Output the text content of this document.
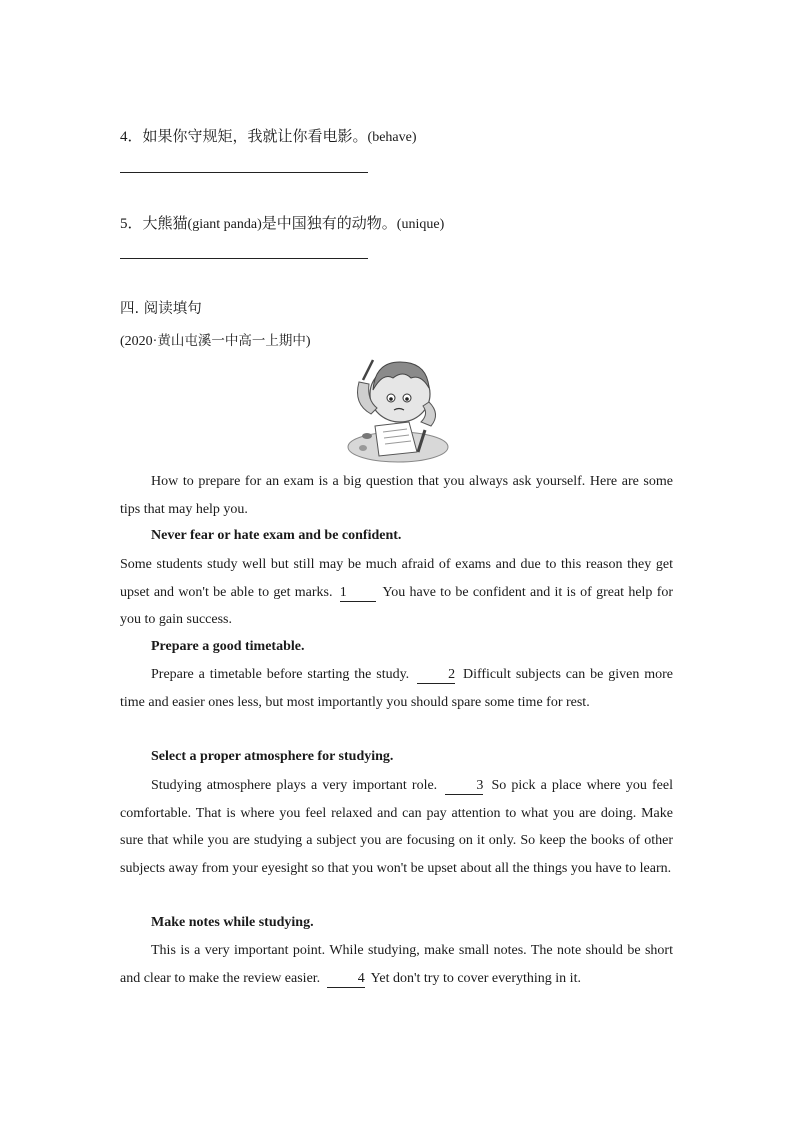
4．如果你守规矩，我就让你看电影。(behave)
5．大熊猫(giant panda)是中国独有的动物。(unique)
四. 阅读填句
(2020·黄山屯溪一中高一上期中)
How to prepare for an exam is a big question that you always ask yourself. Here are some tips that may help you.
Never fear or hate exam and be confident.
Some students study well but still may be much afraid of exams and due to this reason they get upset and won't be able to get marks. 1	You have to be confident and it is of great help for you to gain success.
Prepare a good timetable.
Prepare a timetable before starting the study.	2 Difficult subjects can be given more time and easier ones less, but most importantly you should spare some time for rest.
Select a proper atmosphere for studying.
Studying atmosphere plays a very important role.	3 So pick a place where you feel comfortable. That is where you feel relaxed and can pay attention to what you are doing. Make sure that while you are studying a subject you are focusing on it only. So keep the books of other subjects away from your eyesight so that you won't be upset about all the things you have to learn.
Make notes while studying.
This is a very important point. While studying, make small notes. The note should be short and clear to make the review easier.	4 Yet don't try to cover everything in it.
